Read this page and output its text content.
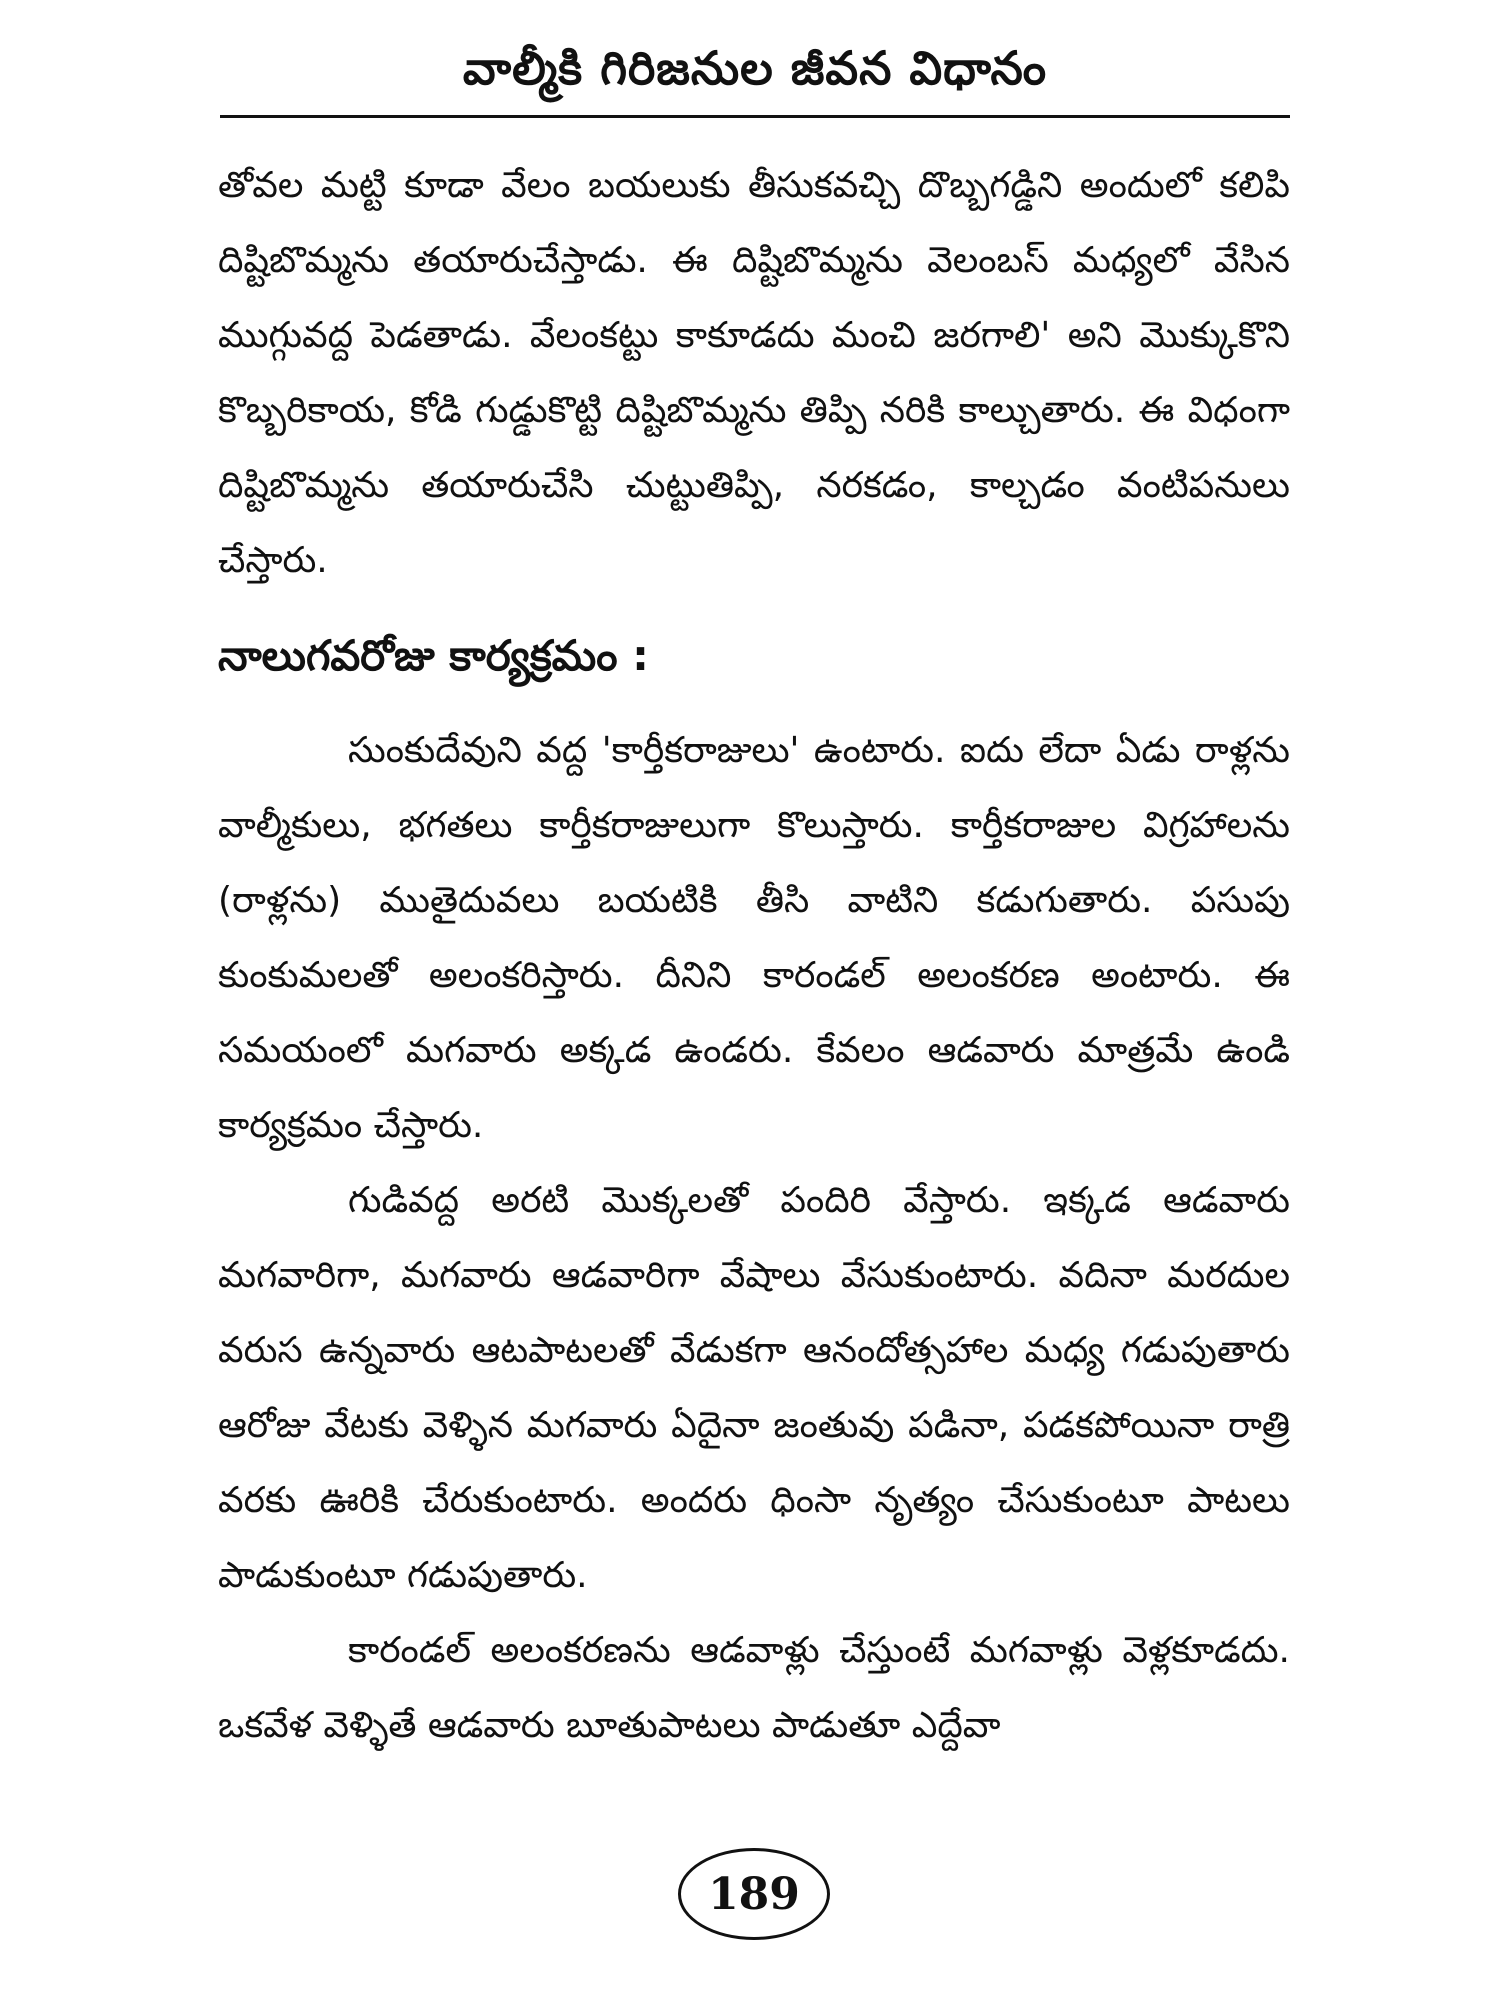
వాల్మీకి గిరిజనుల జీవన విధానం

తోవల మట్టి కూడా వేలం బయలుకు తీసుకవచ్చి దొబ్బగడ్డిని అందులో కలిపి దిష్టిబొమ్మను తయారుచేస్తాడు. ఈ దిష్టిబొమ్మను వెలంబస్ మధ్యలో వేసిన ముగ్గువద్ద పెడతాడు. వేలంకట్టు కాకూడదు మంచి జరగాలి' అని మొక్కుకొని కొబ్బరికాయ, కోడి గుడ్డుకొట్టి దిష్టిబొమ్మను తిప్పి నరికి కాల్చుతారు. ఈ విధంగా దిష్టిబొమ్మను తయారుచేసి చుట్టుతిప్పి, నరకడం, కాల్చడం వంటిపనులు చేస్తారు.

నాలుగవరోజు కార్యక్రమం :

సుంకుదేవుని వద్ద 'కార్తీకరాజులు' ఉంటారు. ఐదు లేదా ఏడు రాళ్లను వాల్మీకులు, భగతలు కార్తీకరాజులుగా కొలుస్తారు. కార్తీకరాజుల విగ్రహాలను (రాళ్లను) ముతైదువలు బయటికి తీసి వాటిని కడుగుతారు. పసుపు కుంకుమలతో అలంకరిస్తారు. దీనిని కారండల్ అలంకరణ అంటారు. ఈ సమయంలో మగవారు అక్కడ ఉండరు. కేవలం ఆడవారు మాత్రమే ఉండి కార్యక్రమం చేస్తారు.

గుడివద్ద అరటి మొక్కలతో పందిరి వేస్తారు. ఇక్కడ ఆడవారు మగవారిగా, మగవారు ఆడవారిగా వేషాలు వేసుకుంటారు. వదినా మరదుల వరుస ఉన్నవారు ఆటపాటలతో వేడుకగా ఆనందోత్సహాల మధ్య గడుపుతారు ఆరోజు వేటకు వెళ్ళిన మగవారు ఏదైనా జంతువు పడినా, పడకపోయినా రాత్రి వరకు ఊరికి చేరుకుంటారు. అందరు ధింసా నృత్యం చేసుకుంటూ పాటలు పాడుకుంటూ గడుపుతారు.

కారండల్ అలంకరణను ఆడవాళ్లు చేస్తుంటే మగవాళ్లు వెళ్లకూడదు. ఒకవేళ వెళ్ళితే ఆడవారు బూతుపాటలు పాడుతూ ఎద్దేవా

189
